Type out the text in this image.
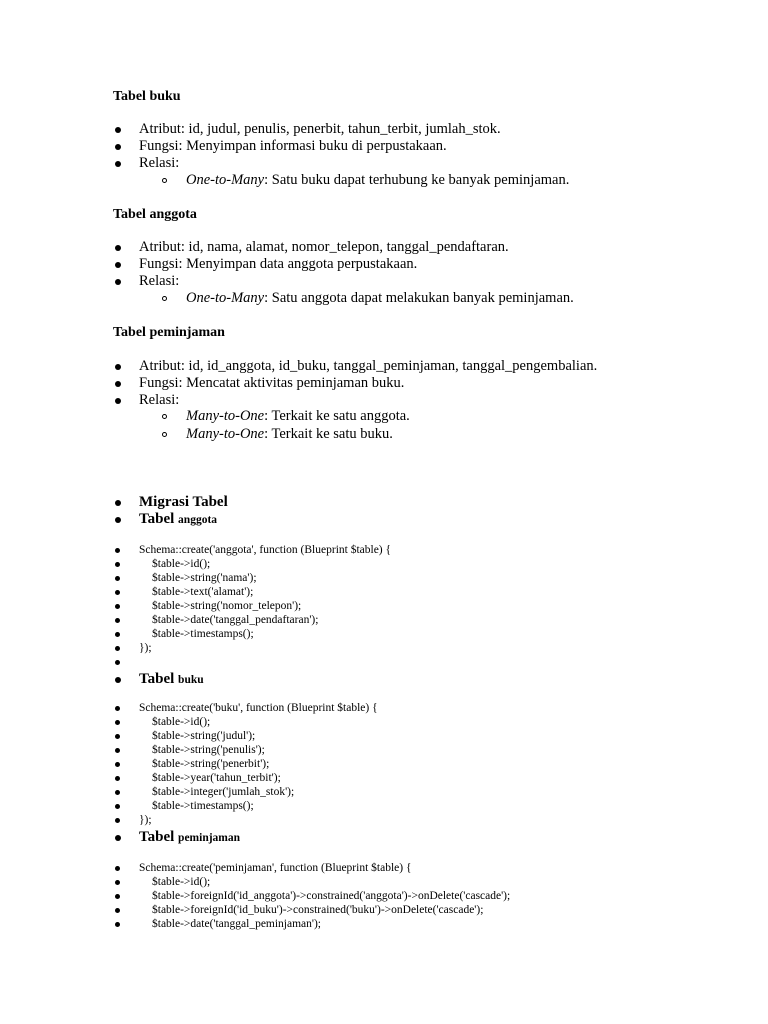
Tabel buku
Atribut: id, judul, penulis, penerbit, tahun_terbit, jumlah_stok.
Fungsi: Menyimpan informasi buku di perpustakaan.
Relasi:
One-to-Many: Satu buku dapat terhubung ke banyak peminjaman.
Tabel anggota
Atribut: id, nama, alamat, nomor_telepon, tanggal_pendaftaran.
Fungsi: Menyimpan data anggota perpustakaan.
Relasi:
One-to-Many: Satu anggota dapat melakukan banyak peminjaman.
Tabel peminjaman
Atribut: id, id_anggota, id_buku, tanggal_peminjaman, tanggal_pengembalian.
Fungsi: Mencatat aktivitas peminjaman buku.
Relasi:
Many-to-One: Terkait ke satu anggota.
Many-to-One: Terkait ke satu buku.
Migrasi Tabel
Tabel anggota
Schema::create('anggota', function (Blueprint $table) {
$table->id();
$table->string('nama');
$table->text('alamat');
$table->string('nomor_telepon');
$table->date('tanggal_pendaftaran');
$table->timestamps();
});
Tabel buku
Schema::create('buku', function (Blueprint $table) {
$table->id();
$table->string('judul');
$table->string('penulis');
$table->string('penerbit');
$table->year('tahun_terbit');
$table->integer('jumlah_stok');
$table->timestamps();
});
Tabel peminjaman
Schema::create('peminjaman', function (Blueprint $table) {
$table->id();
$table->foreignId('id_anggota')->constrained('anggota')->onDelete('cascade');
$table->foreignId('id_buku')->constrained('buku')->onDelete('cascade');
$table->date('tanggal_peminjaman');
